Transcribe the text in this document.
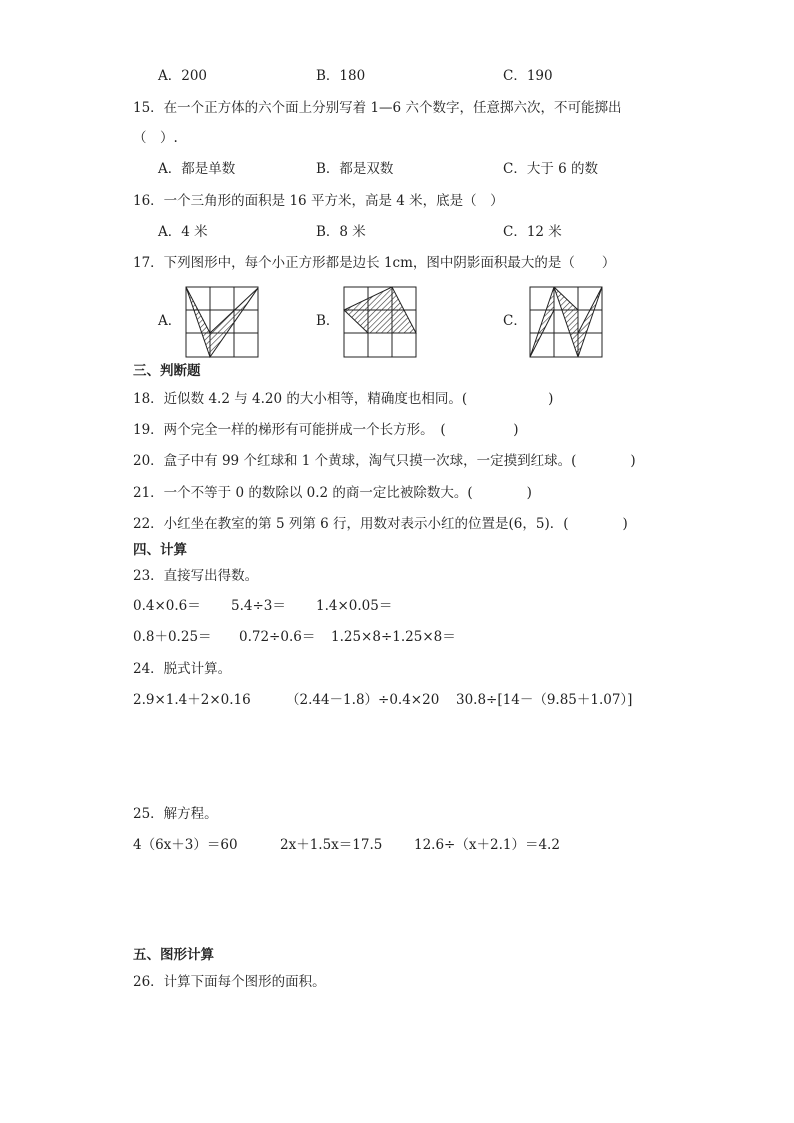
A．200	B．180	C．190
15．在一个正方体的六个面上分别写着 1—6 六个数字，任意掷六次，不可能掷出
（　）.
A．都是单数	B．都是双数	C．大于 6 的数
16．一个三角形的面积是 16 平方米，高是 4 米，底是（　）
A．4 米	B．8 米	C．12 米
17．下列图形中，每个小正方形都是边长 1cm，图中阴影面积最大的是（　　）
A．	B．	C．
三、判断题
18．近似数 4.2 与 4.20 的大小相等，精确度也相同。(　　　　　　)
19．两个完全一样的梯形有可能拼成一个长方形。　(　　　　　)
20．盒子中有 99 个红球和 1 个黄球，淘气只摸一次球，一定摸到红球。(　　　　)
21．一个不等于 0 的数除以 0.2 的商一定比被除数大。(　　　　)
22．小红坐在教室的第 5 列第 6 行，用数对表示小红的位置是(6，5)．(　　　　)
四、计算
23．直接写出得数。
0.4×0.6＝ 5.4÷3＝ 1.4×0.05＝
0.8＋0.25＝ 0.72÷0.6＝ 1.25×8÷1.25×8＝
24．脱式计算。
2.9×1.4＋2×0.16	（2.44－1.8）÷0.4×20 30.8÷[14－（9.85＋1.07）]
25．解方程。
4（6x＋3）＝60	2x＋1.5x＝17.5 12.6÷（x＋2.1）＝4.2
五、图形计算
26．计算下面每个图形的面积。
